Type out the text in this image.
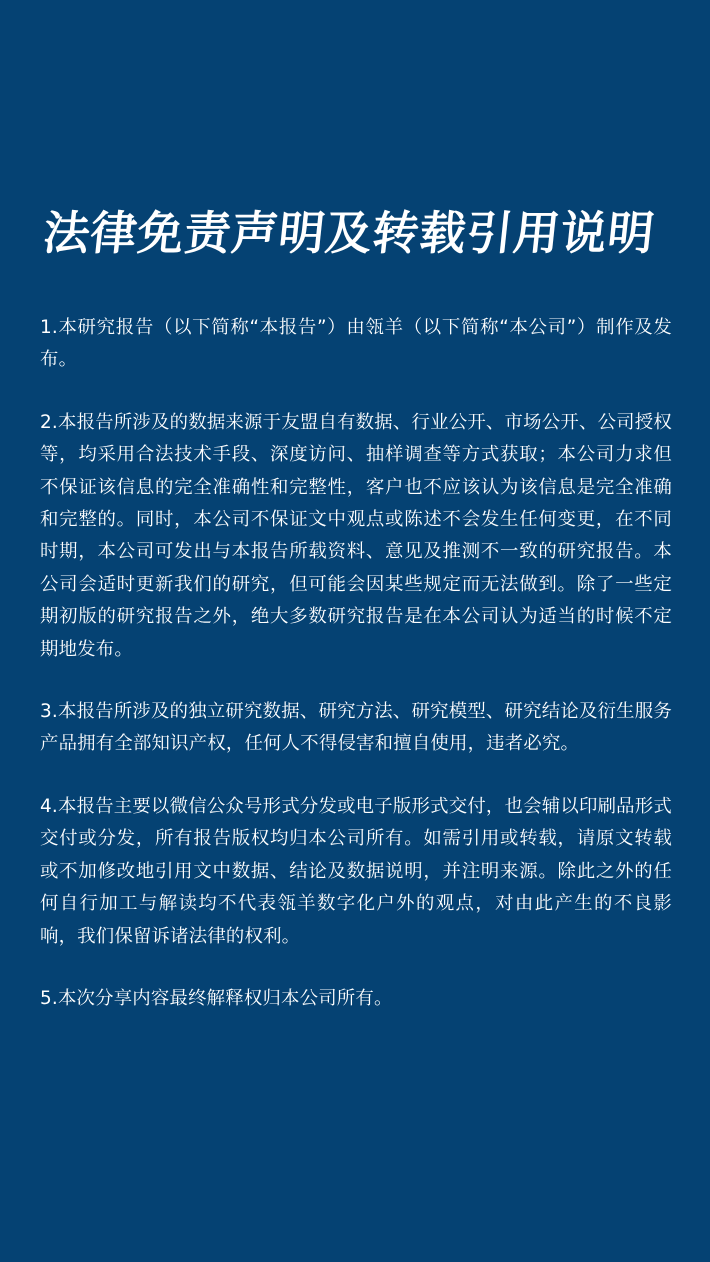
法律免责声明及转载引用说明

1.本研究报告（以下简称“本报告”）由瓴羊（以下简称“本公司”）制作及发布。

2.本报告所涉及的数据来源于友盟自有数据、行业公开、市场公开、公司授权等，均采用合法技术手段、深度访问、抽样调查等方式获取；本公司力求但不保证该信息的完全准确性和完整性，客户也不应该认为该信息是完全准确和完整的。同时，本公司不保证文中观点或陈述不会发生任何变更，在不同时期，本公司可发出与本报告所载资料、意见及推测不一致的研究报告。本公司会适时更新我们的研究，但可能会因某些规定而无法做到。除了一些定期初版的研究报告之外，绝大多数研究报告是在本公司认为适当的时候不定期地发布。

3.本报告所涉及的独立研究数据、研究方法、研究模型、研究结论及衍生服务产品拥有全部知识产权，任何人不得侵害和擅自使用，违者必究。

4.本报告主要以微信公众号形式分发或电子版形式交付，也会辅以印刷品形式交付或分发，所有报告版权均归本公司所有。如需引用或转载，请原文转载或不加修改地引用文中数据、结论及数据说明，并注明来源。除此之外的任何自行加工与解读均不代表瓴羊数字化户外的观点，对由此产生的不良影响，我们保留诉诸法律的权利。

5.本次分享内容最终解释权归本公司所有。
